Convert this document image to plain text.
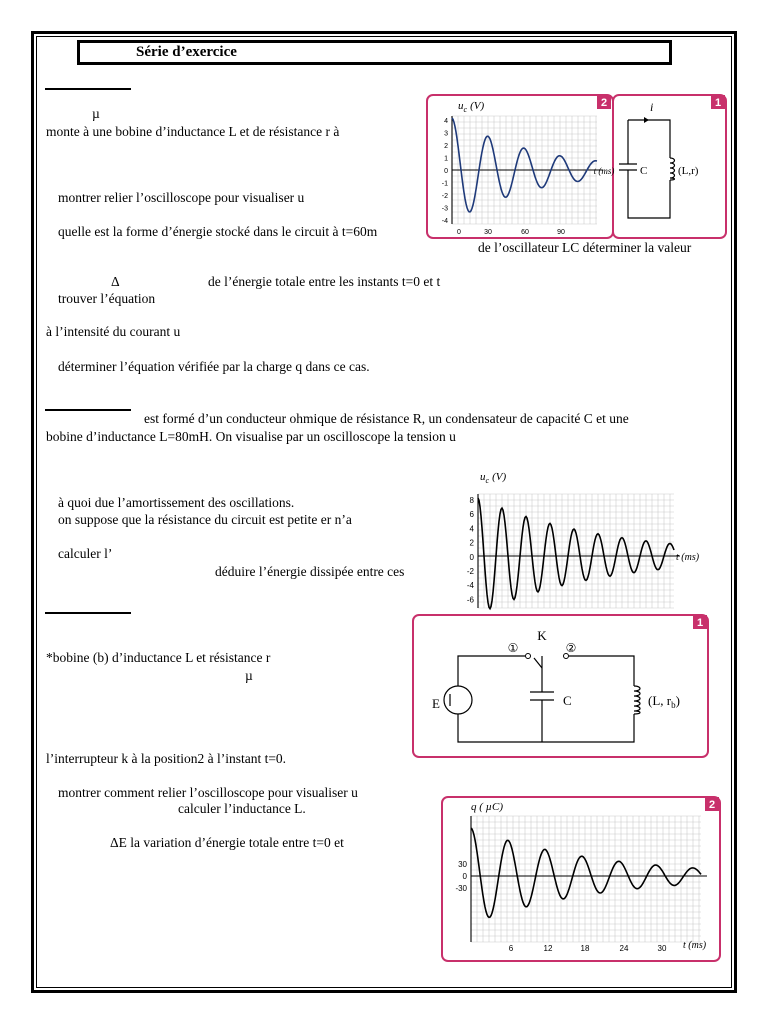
Série d’exercice
µ
monte à une bobine d’inductance L et de résistance r à
montrer relier l’oscilloscope pour visualiser u
quelle est la forme d’énergie stocké dans le circuit à t=60m
de l’oscillateur LC déterminer la valeur
Δ	de l’énergie totale entre les instants t=0 et t
trouver l’équation
à l’intensité du courant u
déterminer l’équation vérifiée par la charge q dans ce cas.
est formé d’un conducteur ohmique de résistance R, un condensateur de capacité C et une
bobine d’inductance L=80mH. On visualise par un oscilloscope la tension u
à quoi due l’amortissement des oscillations.
on suppose que la résistance du circuit est petite er n’a
calculer l’
déduire l’énergie dissipée entre ces
*bobine (b) d’inductance L et résistance r
µ
l’interrupteur k à la position2 à l’instant t=0.
montrer comment relier l’oscilloscope pour visualiser u
calculer l’inductance L.
ΔE la variation d’énergie totale entre t=0 et
2	1
$u_c$ (V)
t (ms)
4
3
2
1
0
-1
-2
-3
-4
0	30	60	90
i
C	(L,r)
$u_c$ (V)
t (ms)
8
6
4
2
0
-2
-4
-6
1
K
①	②
E	C	(L, $r_b$)
2
q ( µC)
t (ms)
30
0
-30
6	12	18	24	30
